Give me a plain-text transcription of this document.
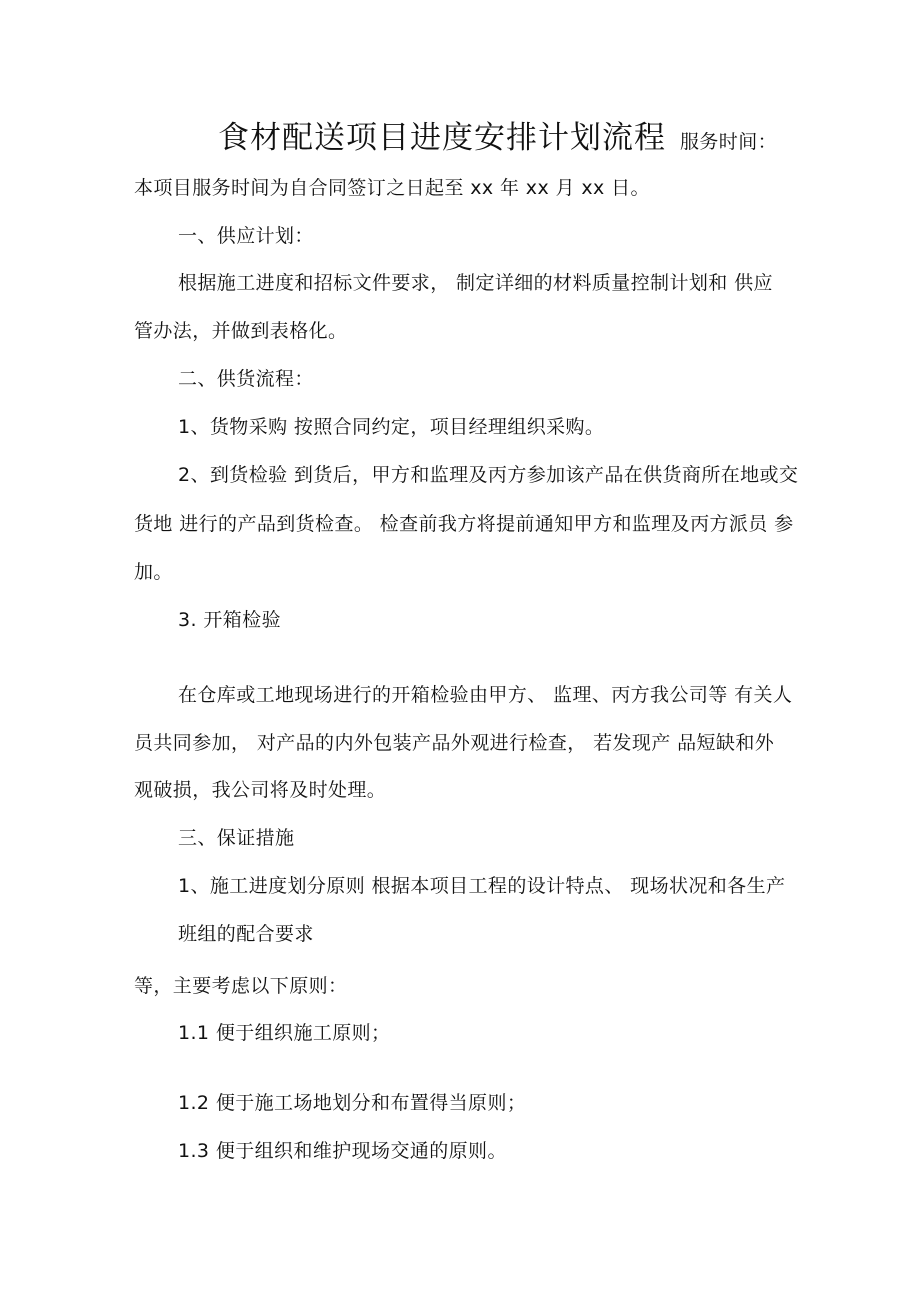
食材配送项目进度安排计划流程 服务时间：
本项目服务时间为自合同签订之日起至 xx 年 xx 月 xx 日。
一、供应计划：
根据施工进度和招标文件要求， 制定详细的材料质量控制计划和 供应
管办法，并做到表格化。
二、供货流程：
1、货物采购 按照合同约定，项目经理组织采购。
2、到货检验 到货后，甲方和监理及丙方参加该产品在供货商所在地或交
货地 进行的产品到货检查。 检查前我方将提前通知甲方和监理及丙方派员 参
加。
3. 开箱检验
在仓库或工地现场进行的开箱检验由甲方、 监理、丙方我公司等 有关人
员共同参加， 对产品的内外包装产品外观进行检查， 若发现产 品短缺和外
观破损，我公司将及时处理。
三、保证措施
1、施工进度划分原则 根据本项目工程的设计特点、 现场状况和各生产
班组的配合要求
等，主要考虑以下原则：
1.1 便于组织施工原则；
1.2 便于施工场地划分和布置得当原则；
1.3 便于组织和维护现场交通的原则。
